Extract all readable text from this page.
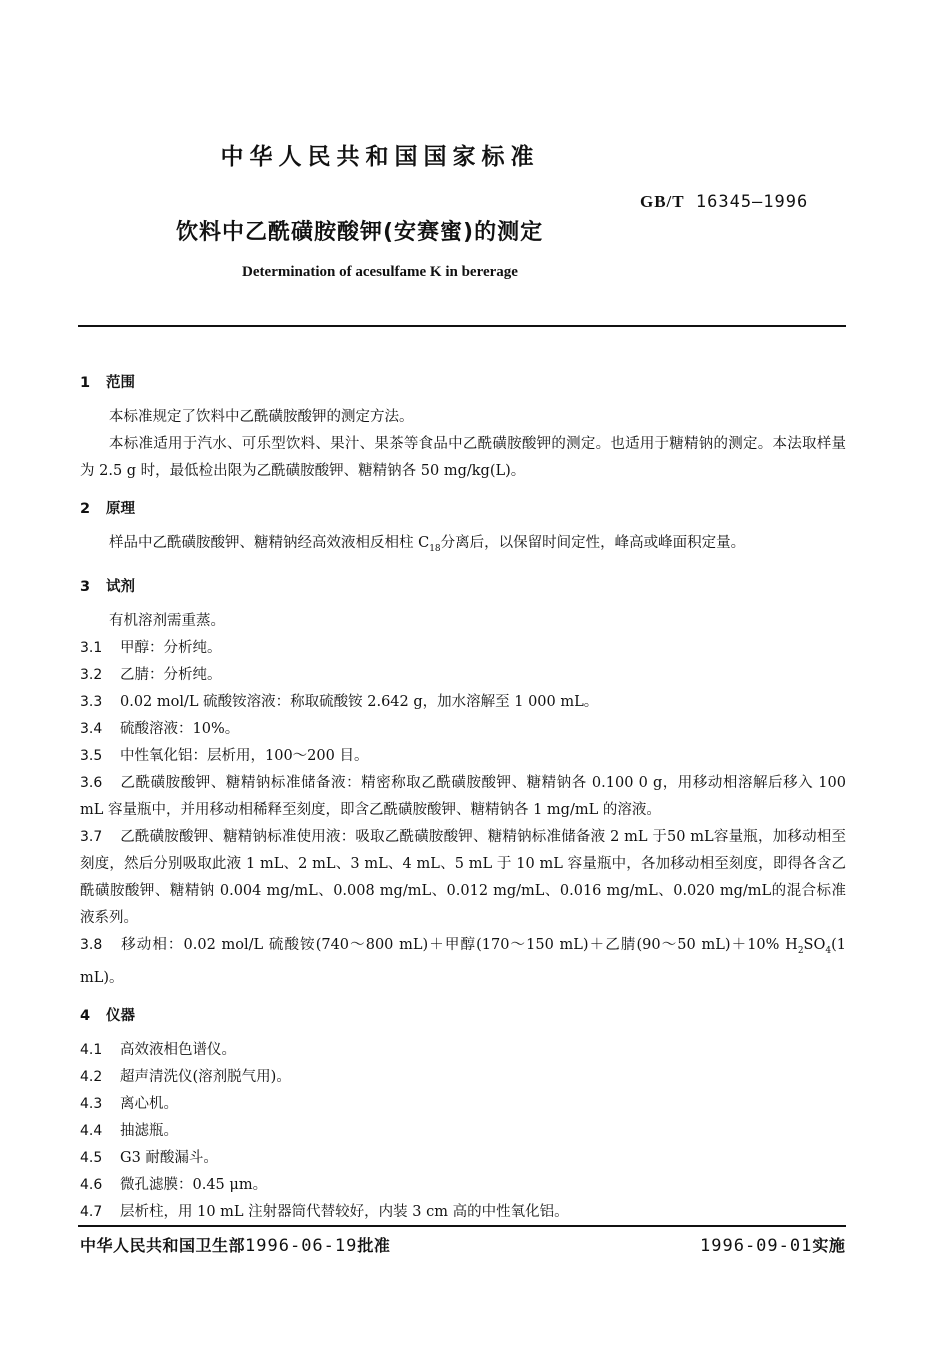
中华人民共和国国家标准
GB/T 16345—1996
饮料中乙酰磺胺酸钾(安赛蜜)的测定
Determination of acesulfame K in bererage
1 范围
本标准规定了饮料中乙酰磺胺酸钾的测定方法。
本标准适用于汽水、可乐型饮料、果汁、果茶等食品中乙酰磺胺酸钾的测定。也适用于糖精钠的测定。本法取样量为 2.5 g 时，最低检出限为乙酰磺胺酸钾、糖精钠各 50 mg/kg(L)。
2 原理
样品中乙酰磺胺酸钾、糖精钠经高效液相反相柱 $C_{18}$分离后，以保留时间定性，峰高或峰面积定量。
3 试剂
有机溶剂需重蒸。
3.1 甲醇：分析纯。
3.2 乙腈：分析纯。
3.3 0.02 mol/L 硫酸铵溶液：称取硫酸铵 2.642 g，加水溶解至 1 000 mL。
3.4 硫酸溶液：10%。
3.5 中性氧化铝：层析用，100～200 目。
3.6 乙酰磺胺酸钾、糖精钠标准储备液：精密称取乙酰磺胺酸钾、糖精钠各 0.100 0 g，用移动相溶解后移入 100 mL 容量瓶中，并用移动相稀释至刻度，即含乙酰磺胺酸钾、糖精钠各 1 mg/mL 的溶液。
3.7 乙酰磺胺酸钾、糖精钠标准使用液：吸取乙酰磺胺酸钾、糖精钠标准储备液 2 mL 于50 mL容量瓶，加移动相至刻度，然后分别吸取此液 1 mL、2 mL、3 mL、4 mL、5 mL 于 10 mL 容量瓶中，各加移动相至刻度，即得各含乙酰磺胺酸钾、糖精钠 0.004 mg/mL、0.008 mg/mL、0.012 mg/mL、0.016 mg/mL、0.020 mg/mL的混合标准液系列。
3.8 移动相：0.02 mol/L 硫酸铵(740～800 mL)＋甲醇(170～150 mL)＋乙腈(90～50 mL)＋10% $H_2SO_4(1$ mL)。
4 仪器
4.1 高效液相色谱仪。
4.2 超声清洗仪(溶剂脱气用)。
4.3 离心机。
4.4 抽滤瓶。
4.5 G3 耐酸漏斗。
4.6 微孔滤膜：0.45 μm。
4.7 层析柱，用 10 mL 注射器筒代替较好，内装 3 cm 高的中性氧化铝。
中华人民共和国卫生部1996-06-19批准	1996-09-01实施
